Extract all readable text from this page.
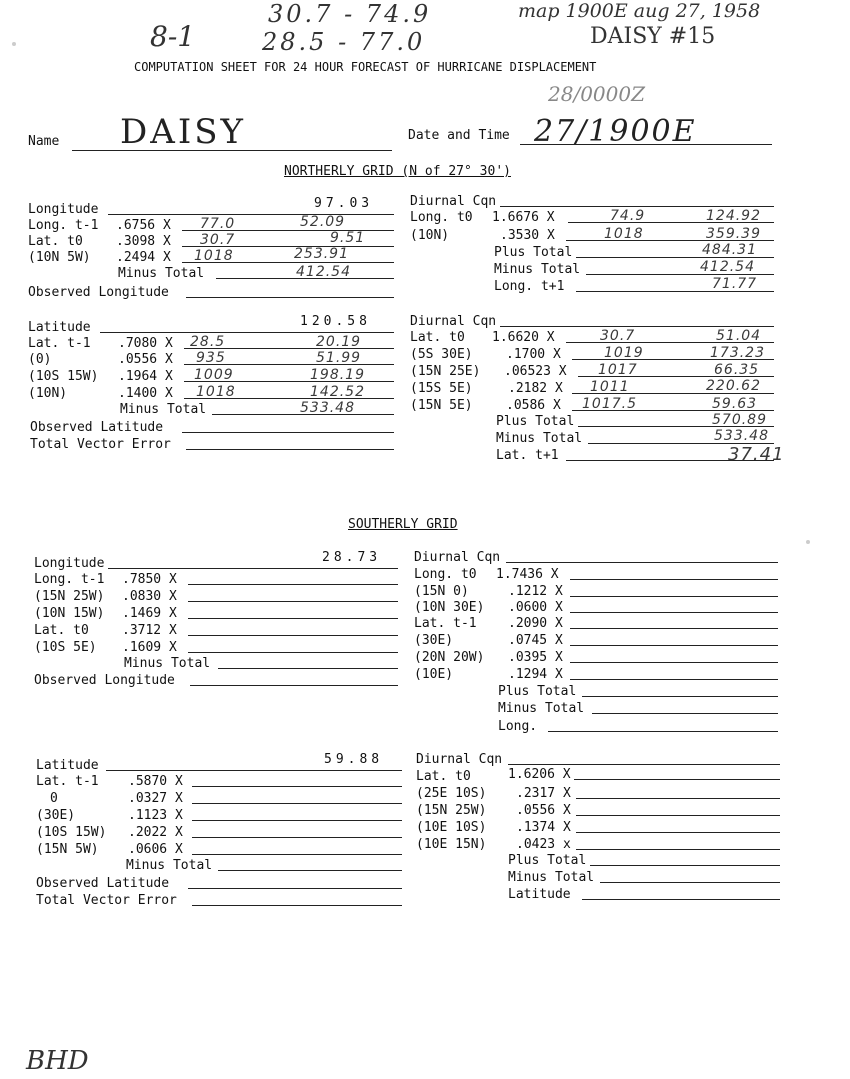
8-1
30.7 - 74.9
28.5 - 77.0
map 1900E aug 27, 1958
DAISY #15
28/0000Z
COMPUTATION SHEET FOR 24 HOUR FORECAST OF HURRICANE DISPLACEMENT
Name DAISY	Date and Time 27/1900E
NORTHERLY GRID (N of 27° 30')
Longitude	97.03
Long. t-1 .6756 X 77.0	52.09
Lat. t0	.3098 X 30.7	9.51
(10N 5W) .2494 X 1018	253.91
Minus Total	412.54
Observed Longitude
Diurnal Cqn
Long. t0 1.6676 X	74.9	124.92
(10N)	.3530 X	1018	359.39
Plus Total	484.31
Minus Total	412.54
Long. t+1	71.77
Latitude	120.58
Lat. t-1 .7080 X 28.5	20.19
(0)	.0556 X 935	51.99
(10S 15W) .1964 X 1009	198.19
(10N)	.1400 X 1018	142.52
Minus Total	533.48
Observed Latitude
Total Vector Error
Diurnal Cqn
Lat. t0 1.6620 X	30.7	51.04
(5S 30E)	.1700 X	1019	173.23
(15N 25E) .06523 X 1017	66.35
(15S 5E)	.2182 X 1011	220.62
(15N 5E)	.0586 X 1017.5	59.63
Plus Total	570.89
Minus Total	533.48
Lat. t+1	37.41
SOUTHERLY GRID
Longitude	28.73
Long. t-1 .7850 X
(15N 25W) .0830 X
(10N 15W) .1469 X
Lat. t0	.3712 X
(10S 5E) .1609 X
Minus Total
Observed Longitude
Diurnal Cqn
Long. t0 1.7436 X
(15N 0)	.1212 X
(10N 30E) .0600 X
Lat. t-1 .2090 X
(30E)	.0745 X
(20N 20W) .0395 X
(10E)	.1294 X
Plus Total
Minus Total
Long.
Latitude	59.88
Lat. t-1 .5870 X
0	.0327 X
(30E)	.1123 X
(10S 15W) .2022 X
(15N 5W) .0606 X
Minus Total
Observed Latitude
Total Vector Error
Diurnal Cqn
Lat. t0	1.6206 X
(25E 10S) .2317 X
(15N 25W) .0556 X
(10E 10S) .1374 X
(10E 15N) .0423 x
Plus Total
Minus Total
Latitude
BHD
